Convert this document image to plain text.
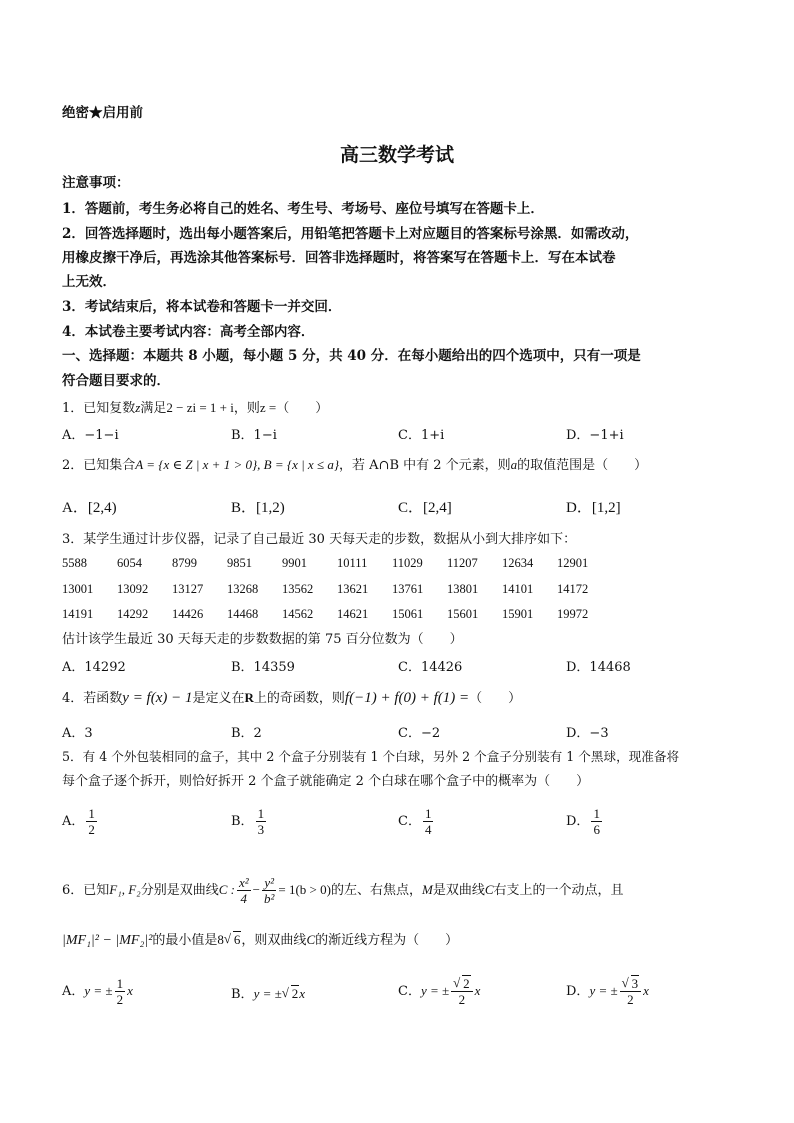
绝密★启用前
高三数学考试
注意事项：
1．答题前，考生务必将自己的姓名、考生号、考场号、座位号填写在答题卡上．
2．回答选择题时，选出每小题答案后，用铅笔把答题卡上对应题目的答案标号涂黑．如需改动，
用橡皮擦干净后，再选涂其他答案标号．回答非选择题时，将答案写在答题卡上．写在本试卷
上无效．
3．考试结束后，将本试卷和答题卡一并交回．
4．本试卷主要考试内容：高考全部内容．
一、选择题：本题共 8 小题，每小题 5 分，共 40 分．在每小题给出的四个选项中，只有一项是
符合题目要求的．
1．已知复数z满足2 − zi = 1 + i，则z =（　　）
A．−1−i	B．1−i	C．1+i	D．−1+i
2．已知集合A = {x ∈ Z | x + 1 > 0}, B = {x | x ≤ a}，若 A∩B 中有 2 个元素，则a的取值范围是（　　）
A．[2,4)	B．[1,2)	C．[2,4]	D．[1,2]
3．某学生通过计步仪器，记录了自己最近 30 天每天走的步数，数据从小到大排序如下：
5588 6054 8799 9851 9901 10111 11029 11207 12634 12901
13001 13092 13127 13268 13562 13621 13761 13801 14101 14172
14191 14292 14426 14468 14562 14621 15061 15601 15901 19972
估计该学生最近 30 天每天走的步数数据的第 75 百分位数为（　　）
A．14292	B．14359	C．14426	D．14468
4．若函数y = f(x) − 1是定义在R上的奇函数，则f(−1) + f(0) + f(1) =（　　）
A．3	B．2	C．−2	D．−3
5．有 4 个外包装相同的盒子，其中 2 个盒子分别装有 1 个白球，另外 2 个盒子分别装有 1 个黑球，现准备将
每个盒子逐个拆开，则恰好拆开 2 个盒子就能确定 2 个白球在哪个盒子中的概率为（　　）
A． $\frac{1}{2}$	B． $\frac{1}{3}$	C． $\frac{1}{4}$	D． $\frac{1}{6}$
6．已知F₁, F₂分别是双曲线C : $\frac{\text{x²}}{4} - \frac{\text{y²}}{\text{b²}} = 1(b > 0)$的左、右焦点，M是双曲线C右支上的一个动点，且
|MF₁|² − |MF₂|²的最小值是8 √ 6，则双曲线C的渐近线方程为（　　）
A．y = ± $\frac{1}{2}$ x	B．y = ± √ 2x	C．y = ± √ $\frac{2}{2}$ x	D．y = ± √ $\frac{3}{2}$ x
